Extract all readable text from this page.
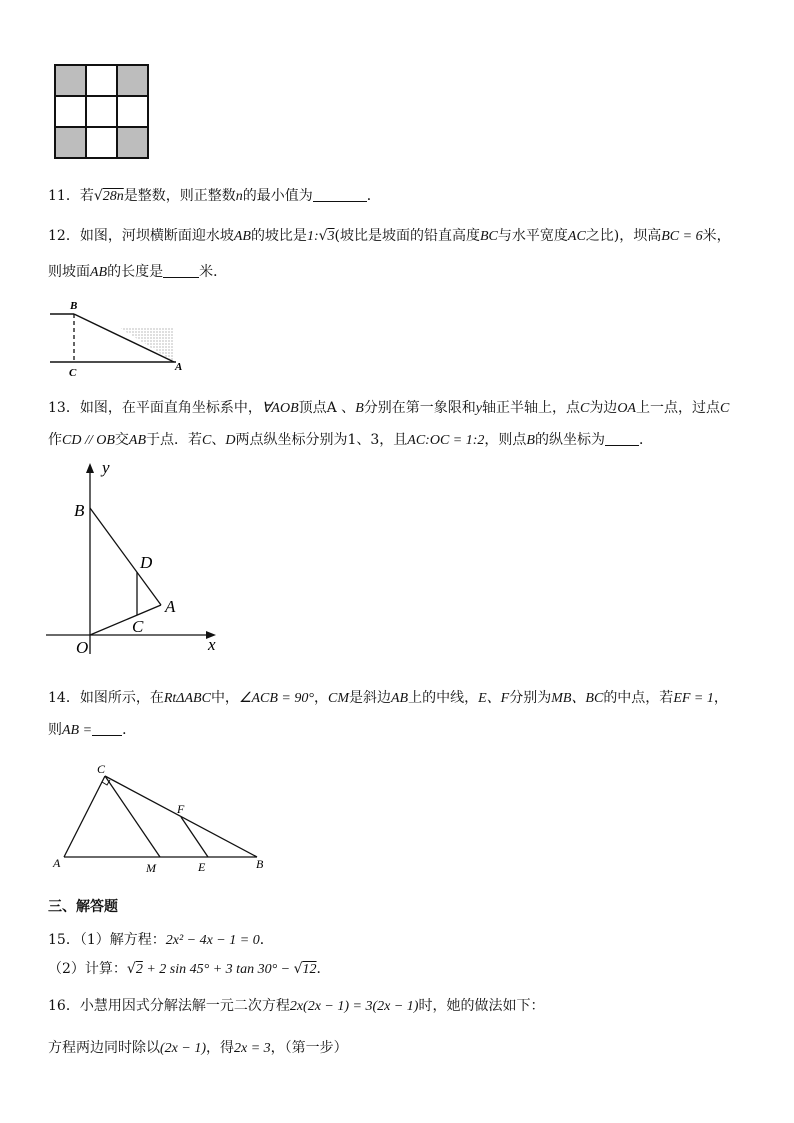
11．若√28n是整数，则正整数n的最小值为	．
12．如图，河坝横断面迎水坡AB的坡比是1:√3(坡比是坡面的铅直高度BC与水平宽度AC之比)，坝高BC = 6米，
则坡面AB的长度是	米．
B
C	A
13．如图，在平面直角坐标系中，∀AOB顶点A 、B分别在第一象限和y轴正半轴上，点C为边OA上一点，过点C
作CD // OB交AB于点．若C、D两点纵坐标分别为1、3，且AC:OC = 1:2，则点B的纵坐标为 ．
y
x
B
D
A
C
O
14．如图所示，在RtΔABC中，∠ACB = 90°，CM是斜边AB上的中线，E、F分别为MB、BC的中点，若EF = 1，
则AB = ．
C
F
A	M	E	B
三、解答题
15．（1）解方程：2x² − 4x − 1 = 0．
（2）计算：√2 + 2 sin 45° + 3 tan 30° − √12．
16．小慧用因式分解法解一元二次方程2x(2x − 1) = 3(2x − 1)时，她的做法如下：
方程两边同时除以(2x − 1)，得2x = 3，（第一步）
